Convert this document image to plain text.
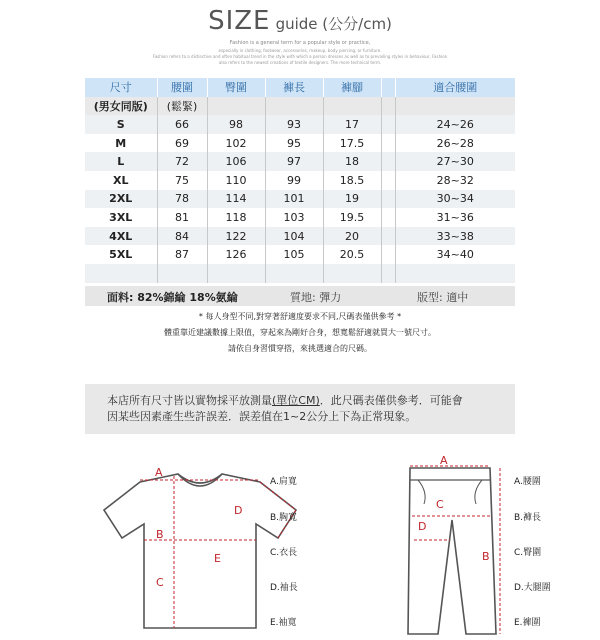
SIZE guide (公分/cm)
Fashion is a general term for a popular style or practice,
especially in clothing, footwear, accessories, makeup, body piercing, or furniture.
Fashion refers to a distinctive and often habitual trend in the style with which a person dresses as well as to prevailing styles in behaviour, Fashion
also refers to the newest creations of textile designers. The more technical term.
尺寸	腰圍	臀圍	褲長	褲腳		適合腰圍
(男女同版)	(鬆緊)					
S	66	98	93	17		24~26
M	69	102	95	17.5		26~28
L	72	106	97	18		27~30
XL	75	110	99	18.5		28~32
2XL	78	114	101	19		30~34
3XL	81	118	103	19.5		31~36
4XL	84	122	104	20		33~38
5XL	87	126	105	20.5		34~40

面料: 82%錦綸 18%氨綸	質地: 彈力	版型: 適中
* 每人身型不同,對穿著舒適度要求不同,尺碼表僅供參考 *
體重靠近建議數據上限值，穿起來為剛好合身，想寬鬆舒適就買大一號尺寸。
請依自身習慣穿搭，來挑選適合的尺碼。
本店所有尺寸皆以實物採平放測量(單位CM)．此尺碼表僅供參考．可能會
因某些因素產生些許誤差．誤差值在1~2公分上下為正常現象。
A
B
C
D
E
A.肩寬
B.胸寬
C.衣長
D.袖長
E.袖寬
A
C
D
B
A.腰圍
B.褲長
C.臀圍
D.大腿圍
E.褲圍
